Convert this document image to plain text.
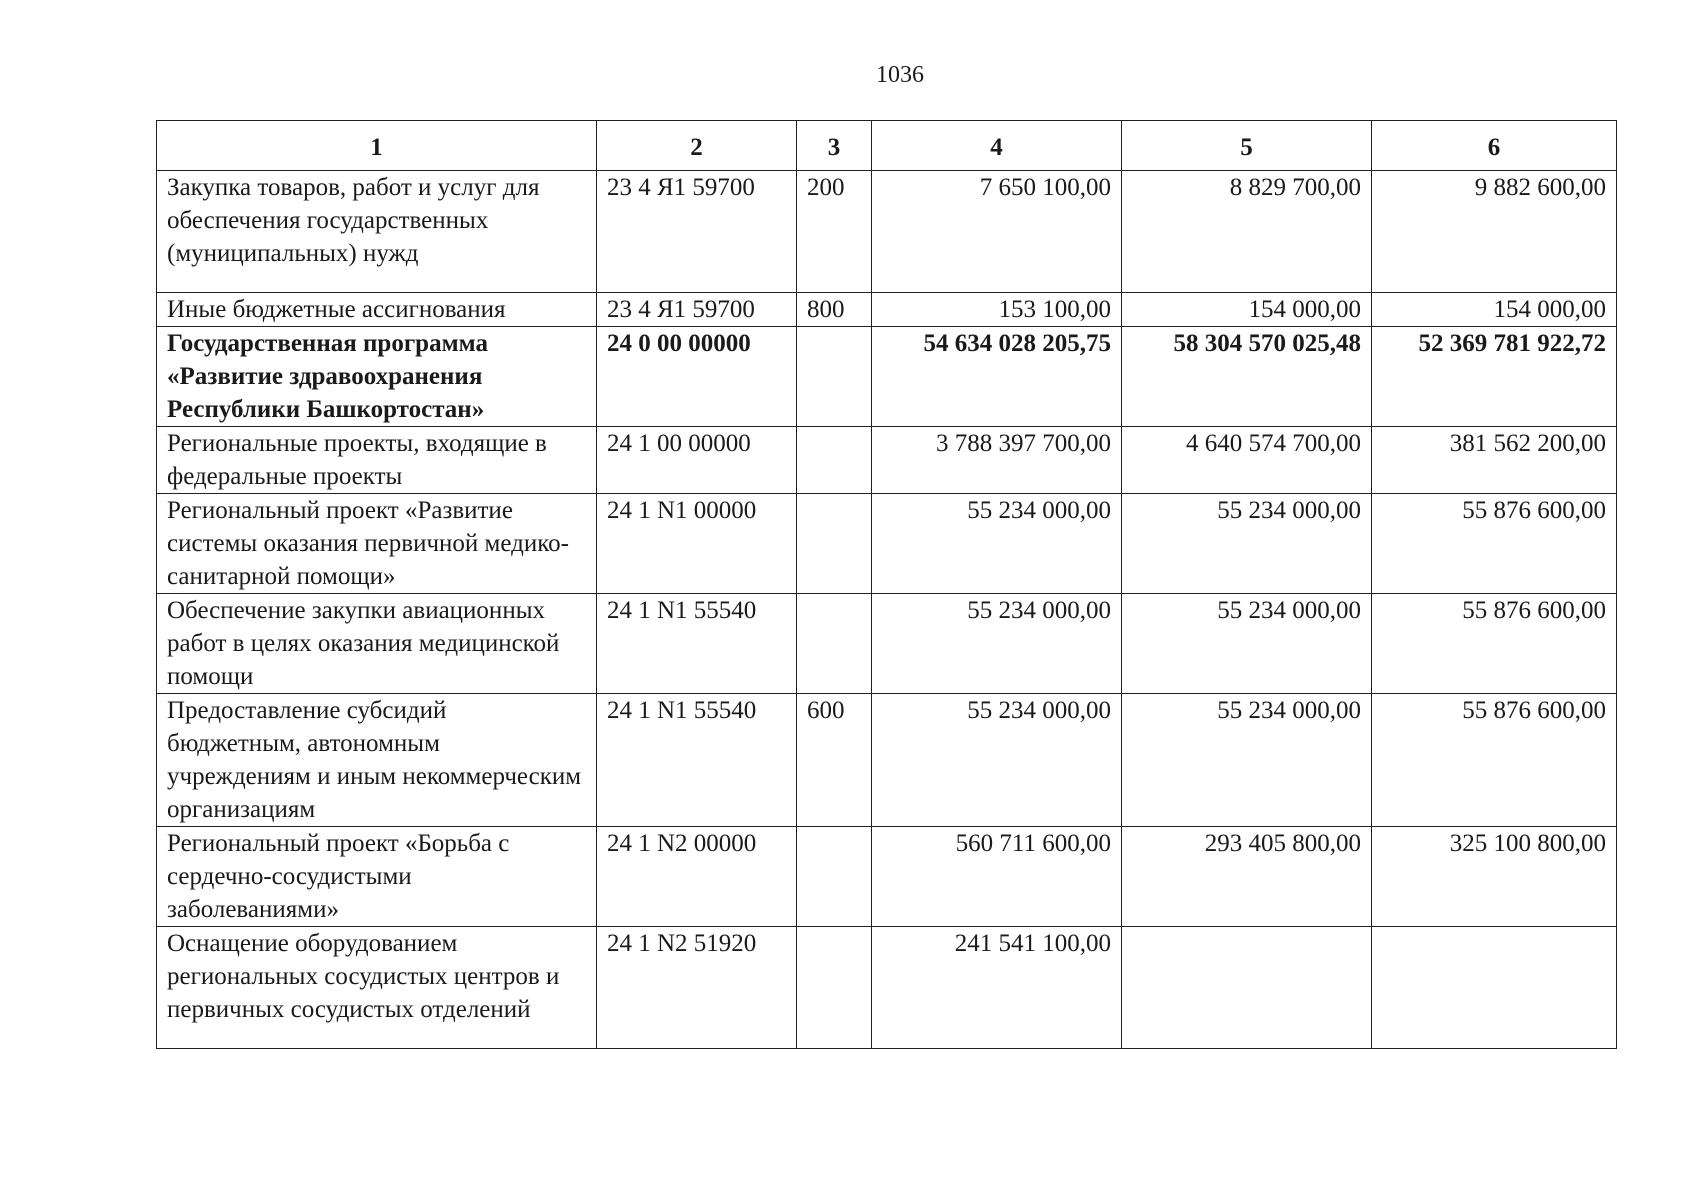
1036
1	2	3	4	5	6
Закупка товаров, работ и услуг для обеспечения государственных (муниципальных) нужд	23 4 Я1 59700	200	7 650 100,00	8 829 700,00	9 882 600,00
Иные бюджетные ассигнования	23 4 Я1 59700	800	153 100,00	154 000,00	154 000,00
Государственная программа «Развитие здравоохранения Республики Башкортостан»	24 0 00 00000		54 634 028 205,75	58 304 570 025,48	52 369 781 922,72
Региональные проекты, входящие в федеральные проекты	24 1 00 00000		3 788 397 700,00	4 640 574 700,00	381 562 200,00
Региональный проект «Развитие системы оказания первичной медико-санитарной помощи»	24 1 N1 00000		55 234 000,00	55 234 000,00	55 876 600,00
Обеспечение закупки авиационных работ в целях оказания медицинской помощи	24 1 N1 55540		55 234 000,00	55 234 000,00	55 876 600,00
Предоставление субсидий бюджетным, автономным учреждениям и иным некоммерческим организациям	24 1 N1 55540	600	55 234 000,00	55 234 000,00	55 876 600,00
Региональный проект «Борьба с сердечно-сосудистыми заболеваниями»	24 1 N2 00000		560 711 600,00	293 405 800,00	325 100 800,00
Оснащение оборудованием региональных сосудистых центров и первичных сосудистых отделений	24 1 N2 51920		241 541 100,00		
